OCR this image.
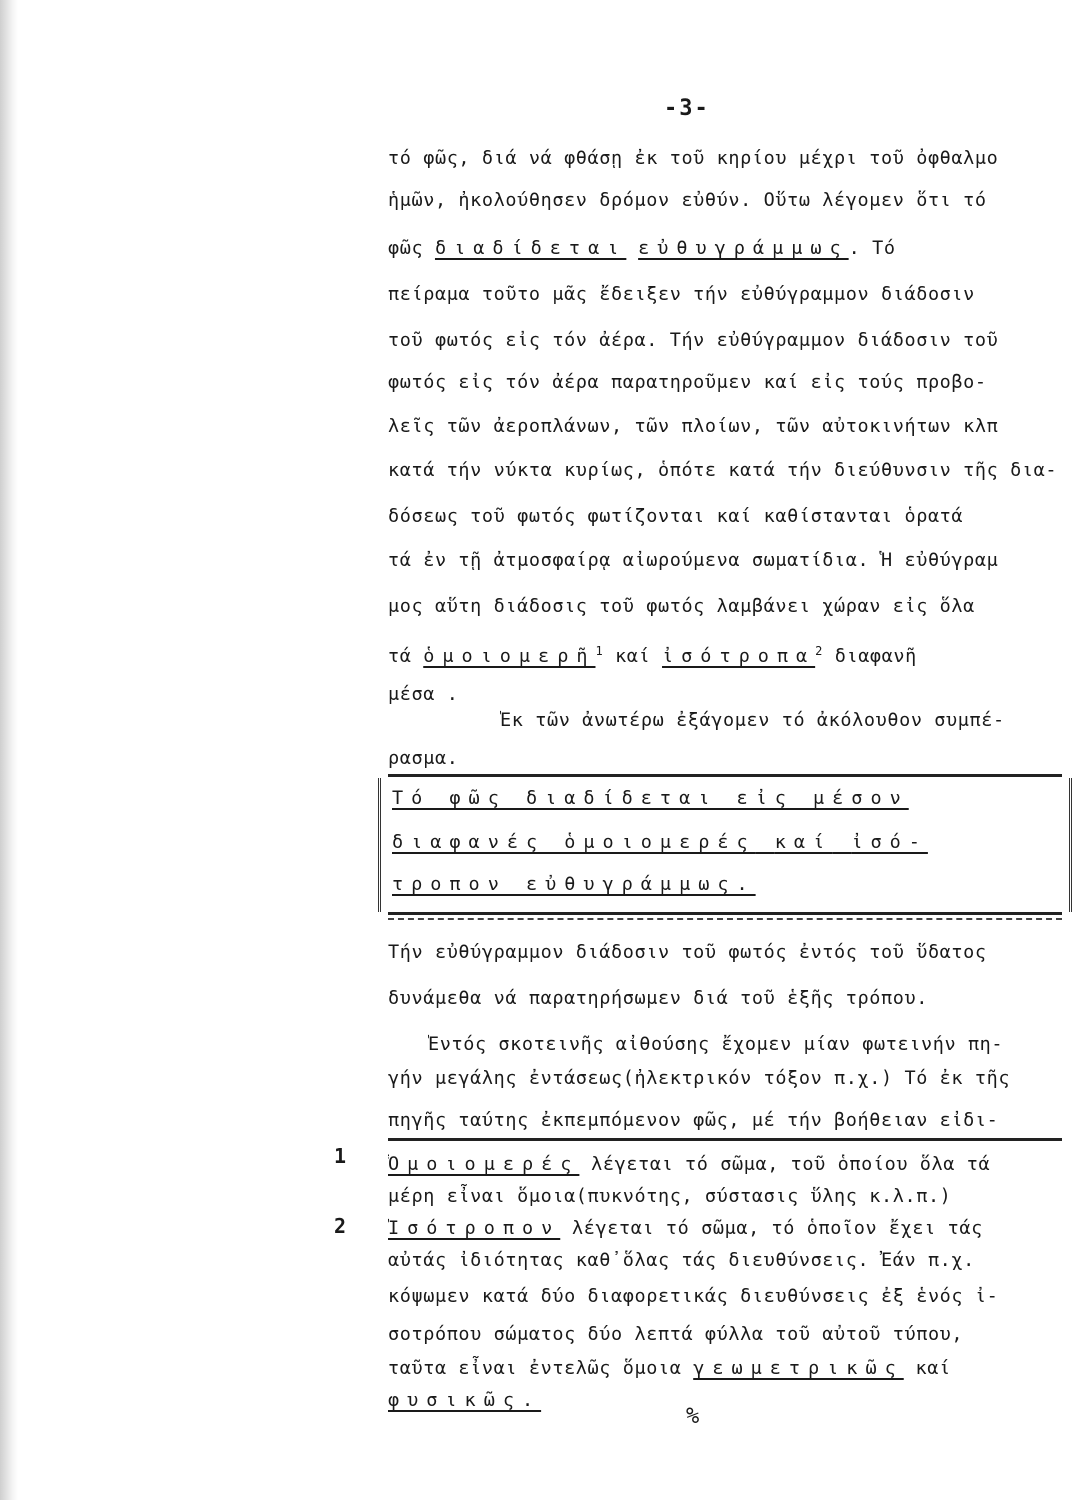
-3-
τό φῶς, διά νά φθάσῃ ἐκ τοῦ κηρίου μέχρι τοῦ ὀφθαλμο
ἡμῶν, ἠκολούθησεν δρόμον εὐθύν. Οὕτω λέγομεν ὅτι τό
φῶς διαδίδεται εὐθυγράμμως. Τό
πείραμα τοῦτο μᾶς ἔδειξεν τήν εὐθύγραμμον διάδοσιν
τοῦ φωτός εἰς τόν ἀέρα. Τήν εὐθύγραμμον διάδοσιν τοῦ
φωτός εἰς τόν ἀέρα παρατηροῦμεν καί εἰς τούς προβο-
λεῖς τῶν ἀεροπλάνων, τῶν πλοίων, τῶν αὐτοκινήτων κλπ
κατά τήν νύκτα κυρίως, ὁπότε κατά τήν διεύθυνσιν τῆς δια-
δόσεως τοῦ φωτός φωτίζονται καί καθίστανται ὁρατά
τά ἐν τῇ ἀτμοσφαίρᾳ αἰωρούμενα σωματίδια. Ἡ εὐθύγραμ
μος αὕτη διάδοσις τοῦ φωτός λαμβάνει χώραν εἰς ὅλα
τά ὁμοιομερῆ$^1$ καί ἰσότροπα$^2$ διαφανῆ
μέσα .
Ἐκ τῶν ἀνωτέρω ἐξάγομεν τό ἀκόλουθον συμπέ-
ρασμα.
Τό φῶς διαδίδεται εἰς μέσον
διαφανές ὁμοιομερές καί ἰσό-
τροπον εὐθυγράμμως.
Τήν εὐθύγραμμον διάδοσιν τοῦ φωτός ἐντός τοῦ ὕδατος
δυνάμεθα νά παρατηρήσωμεν διά τοῦ ἑξῆς τρόπου.
Ἐντός σκοτεινῆς αἰθούσης ἔχομεν μίαν φωτεινήν πη-
γήν μεγάλης ἐντάσεως(ἠλεκτρικόν τόξον π.χ.) Τό ἐκ τῆς
πηγῆς ταύτης ἐκπεμπόμενον φῶς, μέ τήν βοήθειαν εἰδι-
1 Ὁμοιομερές λέγεται τό σῶμα, τοῦ ὁποίου ὅλα τά
μέρη εἶναι ὅμοια(πυκνότης, σύστασις ὕλης κ.λ.π.)
2 Ἰσότροπον λέγεται τό σῶμα, τό ὁποῖον ἔχει τάς
αὐτάς ἰδιότητας καθ᾽ὅλας τάς διευθύνσεις. Ἐάν π.χ.
κόψωμεν κατά δύο διαφορετικάς διευθύνσεις ἐξ ἑνός ἰ-
σοτρόπου σώματος δύο λεπτά φύλλα τοῦ αὐτοῦ τύπου,
ταῦτα εἶναι ἐντελῶς ὅμοια γεωμετρικῶς καί
φυσικῶς.
%
